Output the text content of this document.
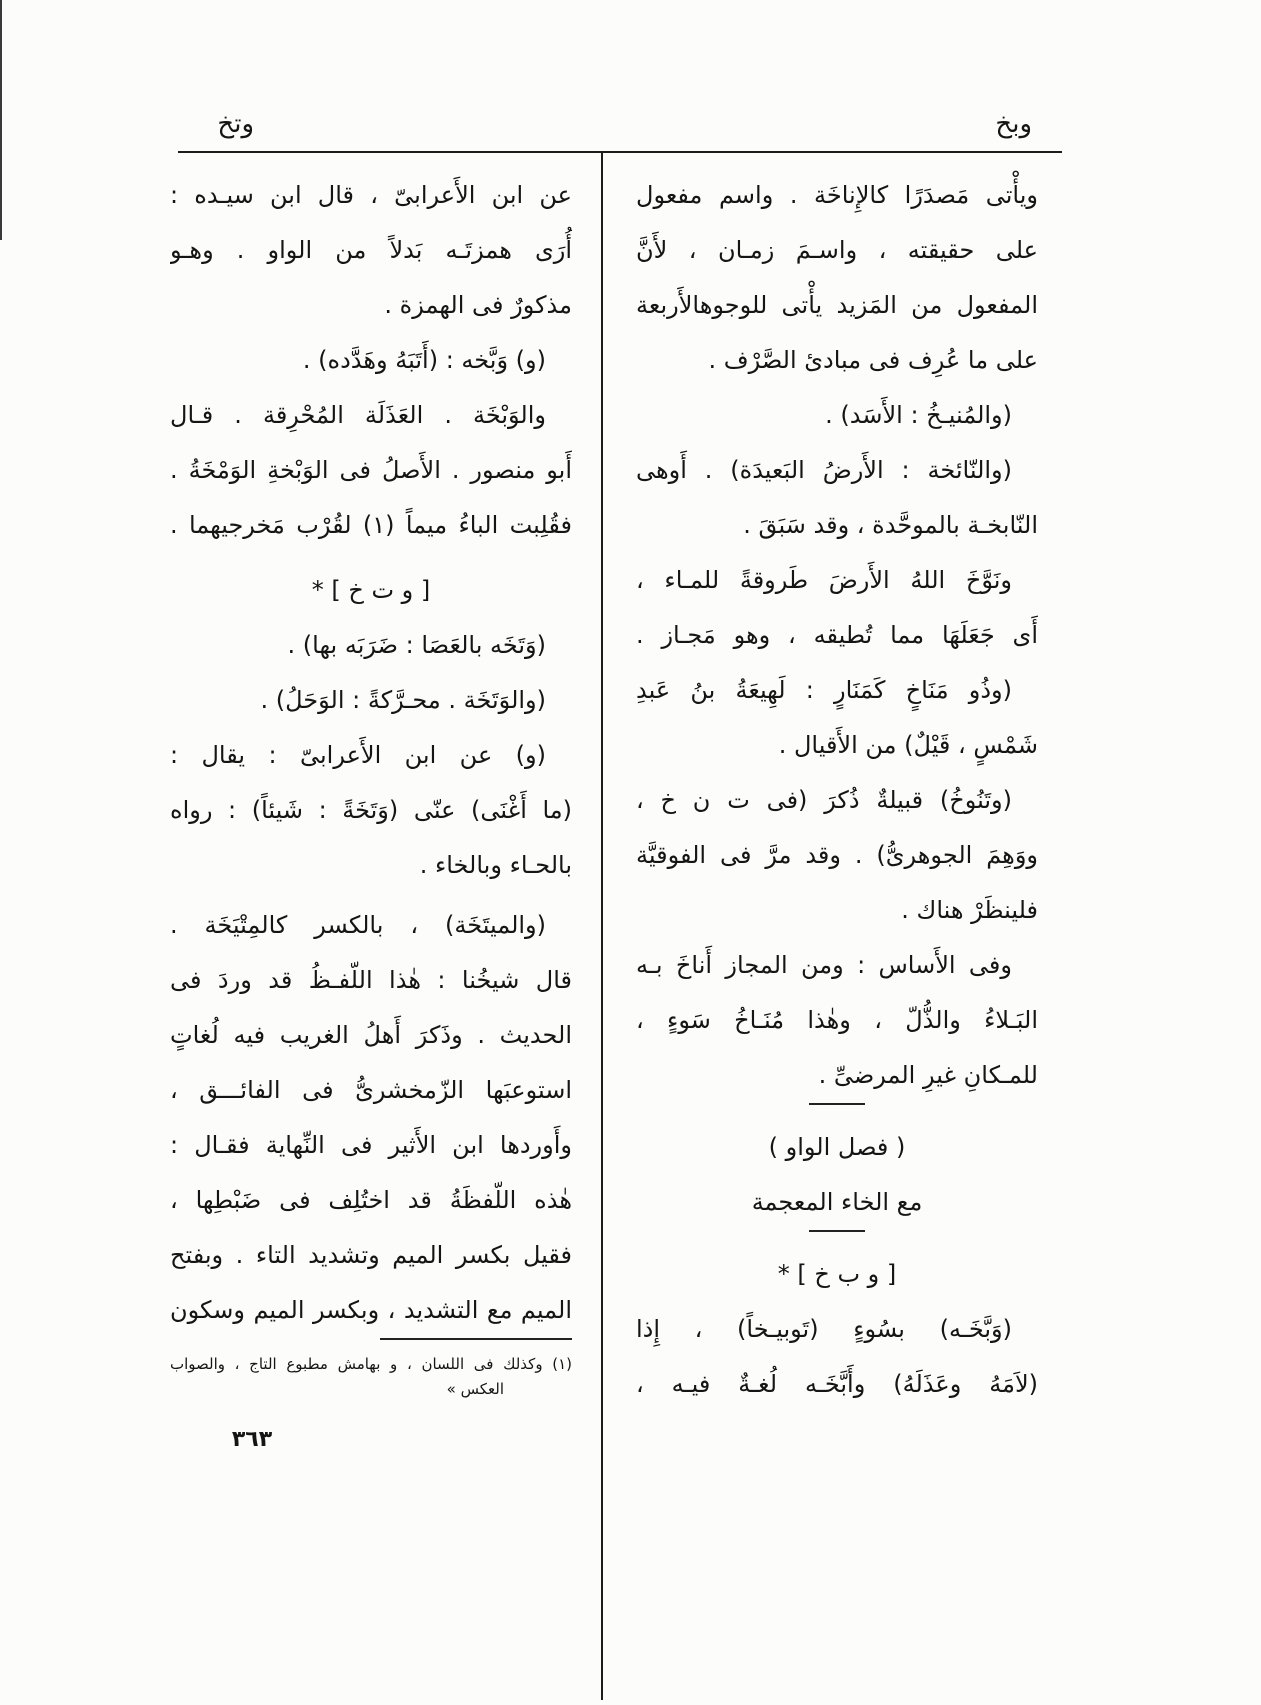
وبخ
وتخ
ويأْتى مَصدَرًا كالإِناخَة . واسم مفعول
على حقيقته ، واسـمَ زمـان ، لأَنَّ
المفعول من المَزيد يأْتى للوجوهالأَربعة
على ما عُرِف فى مبادئ الصَّرْف .
(والمُنيـخُ : الأَسَد) .
(والنّائخة : الأَرضُ البَعيدَة) . أَوهى
النّابخـة بالموحَّدة ، وقد سَبَقَ .
ونَوَّخَ اللهُ الأَرضَ طَروقةً للمـاء ،
أَى جَعَلَهَا مما تُطيقه ، وهو مَجـاز .
(وذُو مَنَاخٍ كَمَنَارٍ : لَهِيعَةُ بنُ عَبدِ
شَمْسٍ ، قَيْلٌ) من الأَقيال .
(وتَنُوخُ) قبيلةٌ ذُكرَ (فى ت ن خ ،
ووَهِمَ الجوهرىُّ) . وقد مرَّ فى الفوقيَّة
فلينظَرْ هناك .
وفى الأَساس : ومن المجاز أَناخَ بـه
البَـلاءُ والذُّلّ ، وهٰذا مُنَـاخُ سَوءٍ ،
للمـكانِ غيرِ المرضىِّ .
( فصل الواو )
مع الخاء المعجمة
[ و ب خ ] *
(وَبَّخَـه) بسُوءٍ (تَوبيـخاً) ، إِذا
(لاَمَهُ وعَذَلَهُ) وأَبَّخَـه لُغـةٌ فيـه ،
عن ابن الأَعرابىّ ، قال ابن سيـده :
أُرَى همزتَـه بَدلاً من الواو . وهـو
مذكورٌ فى الهمزة .
(و) وَبَّخه : (أَتَبَهُ وهَدَّده) .
والوَبْخَة . العَذَلَة المُحْرِقة . قـال
أَبو منصور . الأَصلُ فى الوَبْخةِ الوَمْخَةُ .
فقُلِبت الباءُ ميماً (١) لقُرْب مَخرجيهما .
[ و ت خ ] *
(وَتَخَه بالعَصَا : ضَرَبَه بها) .
(والوَتَخَة . محـرَّكةً : الوَحَلُ) .
(و) عن ابن الأَعرابىّ : يقال :
(ما أَغْنَى) عنّى (وَتَخَةً : شَيئاً) : رواه
بالحـاء وبالخاء .
(والميتَخَة) ، بالكسر كالمِتْيَخَة .
قال شيخُنا : هٰذا اللّفـظُ قد وردَ فى
الحديث . وذَكرَ أَهلُ الغريب فيه لُغاتٍ
استوعبَها الزّمخشرىُّ فى الفائـــق ،
وأَوردها ابن الأَثير فى النِّهاية فقـال :
هٰذه اللّفظَةُ قد اختُلِف فى ضَبْطِها ،
فقيل بكسر الميم وتشديد التاء . وبفتح
الميم مع التشديد ، وبكسر الميم وسكون
(١) وكذلك فى اللسان ، و بهامش مطبوع التاج ، والصواب
العكس »
٣٦٣
